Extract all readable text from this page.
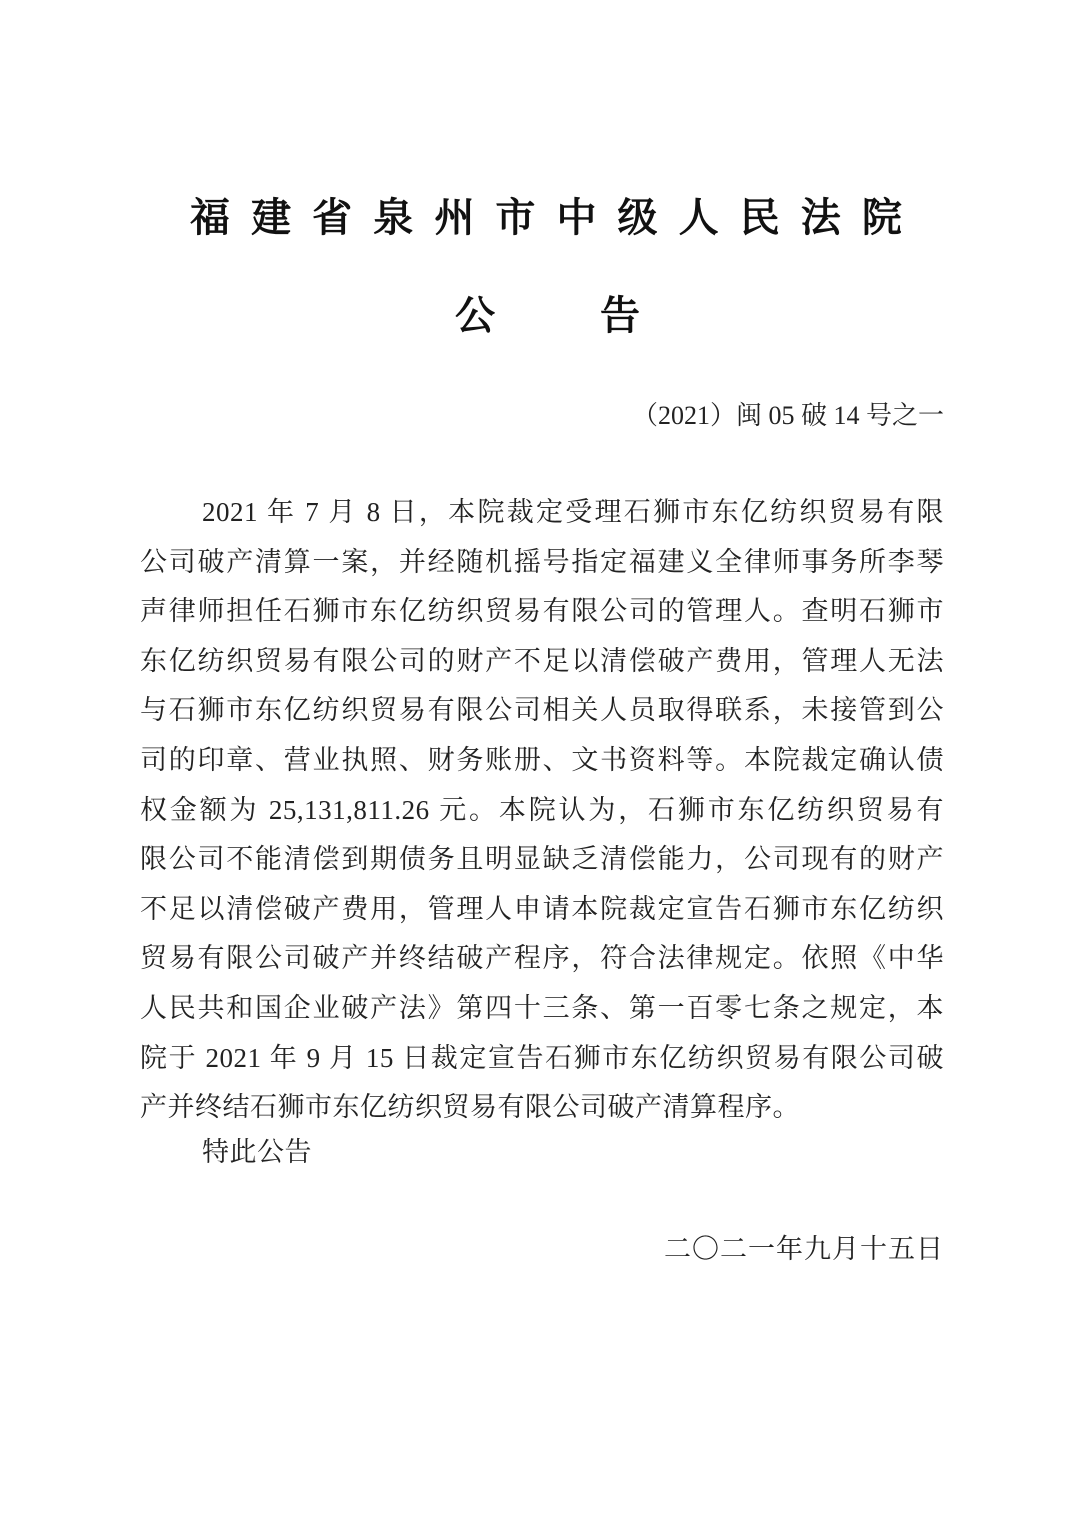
福 建 省 泉 州 市 中 级 人 民 法 院
公	告
（2021）闽 05 破 14 号之一
2021 年 7 月 8 日，本院裁定受理石狮市东亿纺织贸易有限
公司破产清算一案，并经随机摇号指定福建义全律师事务所李琴
声律师担任石狮市东亿纺织贸易有限公司的管理人。查明石狮市
东亿纺织贸易有限公司的财产不足以清偿破产费用，管理人无法
与石狮市东亿纺织贸易有限公司相关人员取得联系，未接管到公
司的印章、营业执照、财务账册、文书资料等。本院裁定确认债
权金额为 25,131,811.26 元。本院认为，石狮市东亿纺织贸易有
限公司不能清偿到期债务且明显缺乏清偿能力，公司现有的财产
不足以清偿破产费用，管理人申请本院裁定宣告石狮市东亿纺织
贸易有限公司破产并终结破产程序，符合法律规定。依照《中华
人民共和国企业破产法》第四十三条、第一百零七条之规定，本
院于 2021 年 9 月 15 日裁定宣告石狮市东亿纺织贸易有限公司破
产并终结石狮市东亿纺织贸易有限公司破产清算程序。
特此公告
二〇二一年九月十五日
